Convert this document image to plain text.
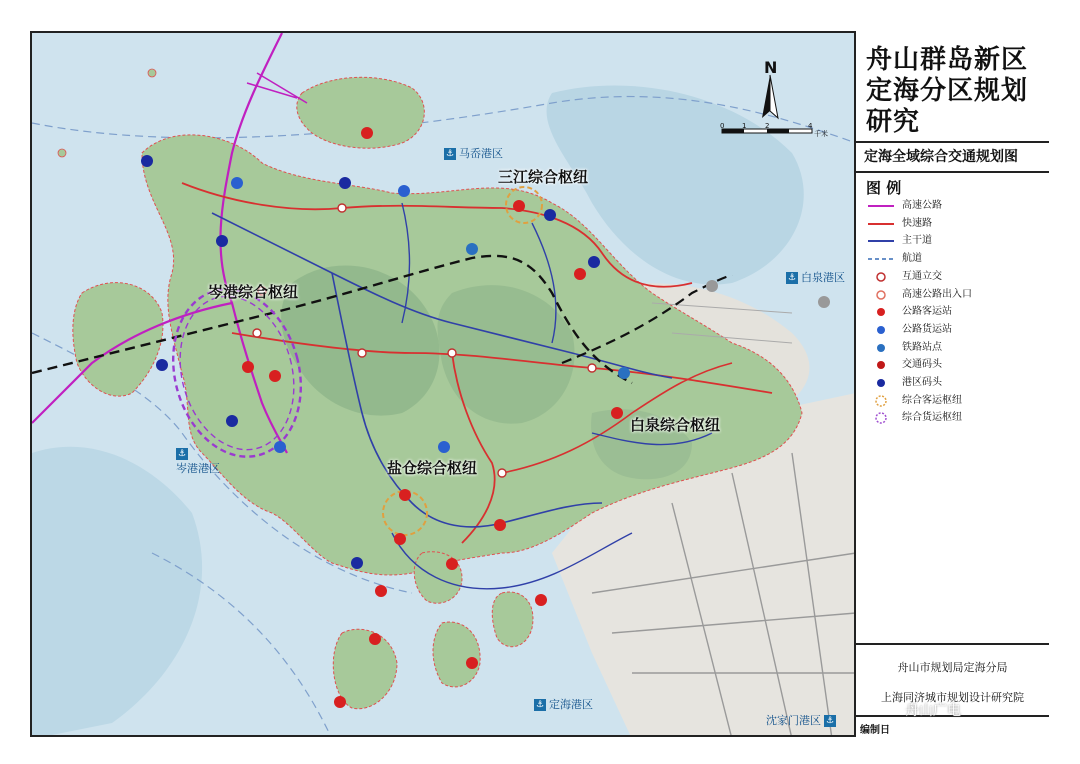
N
0	1	2	4
千米
岑港综合枢纽
三江综合枢纽
白泉综合枢纽
盐仓综合枢纽
⚓ 马岙港区
⚓ 白泉港区
⚓
岑港港区
⚓ 定海港区
沈家门港区 ⚓
舟山群岛新区
定海分区规划
研究
定海全域综合交通规划图
图 例
高速公路
快速路
主干道
航道
互通立交
高速公路出入口
公路客运站
公路货运站
铁路站点
交通码头
港区码头
综合客运枢纽
综合货运枢纽
舟山市规划局定海分局
上海同济城市规划设计研究院
编制日
舟山广电
